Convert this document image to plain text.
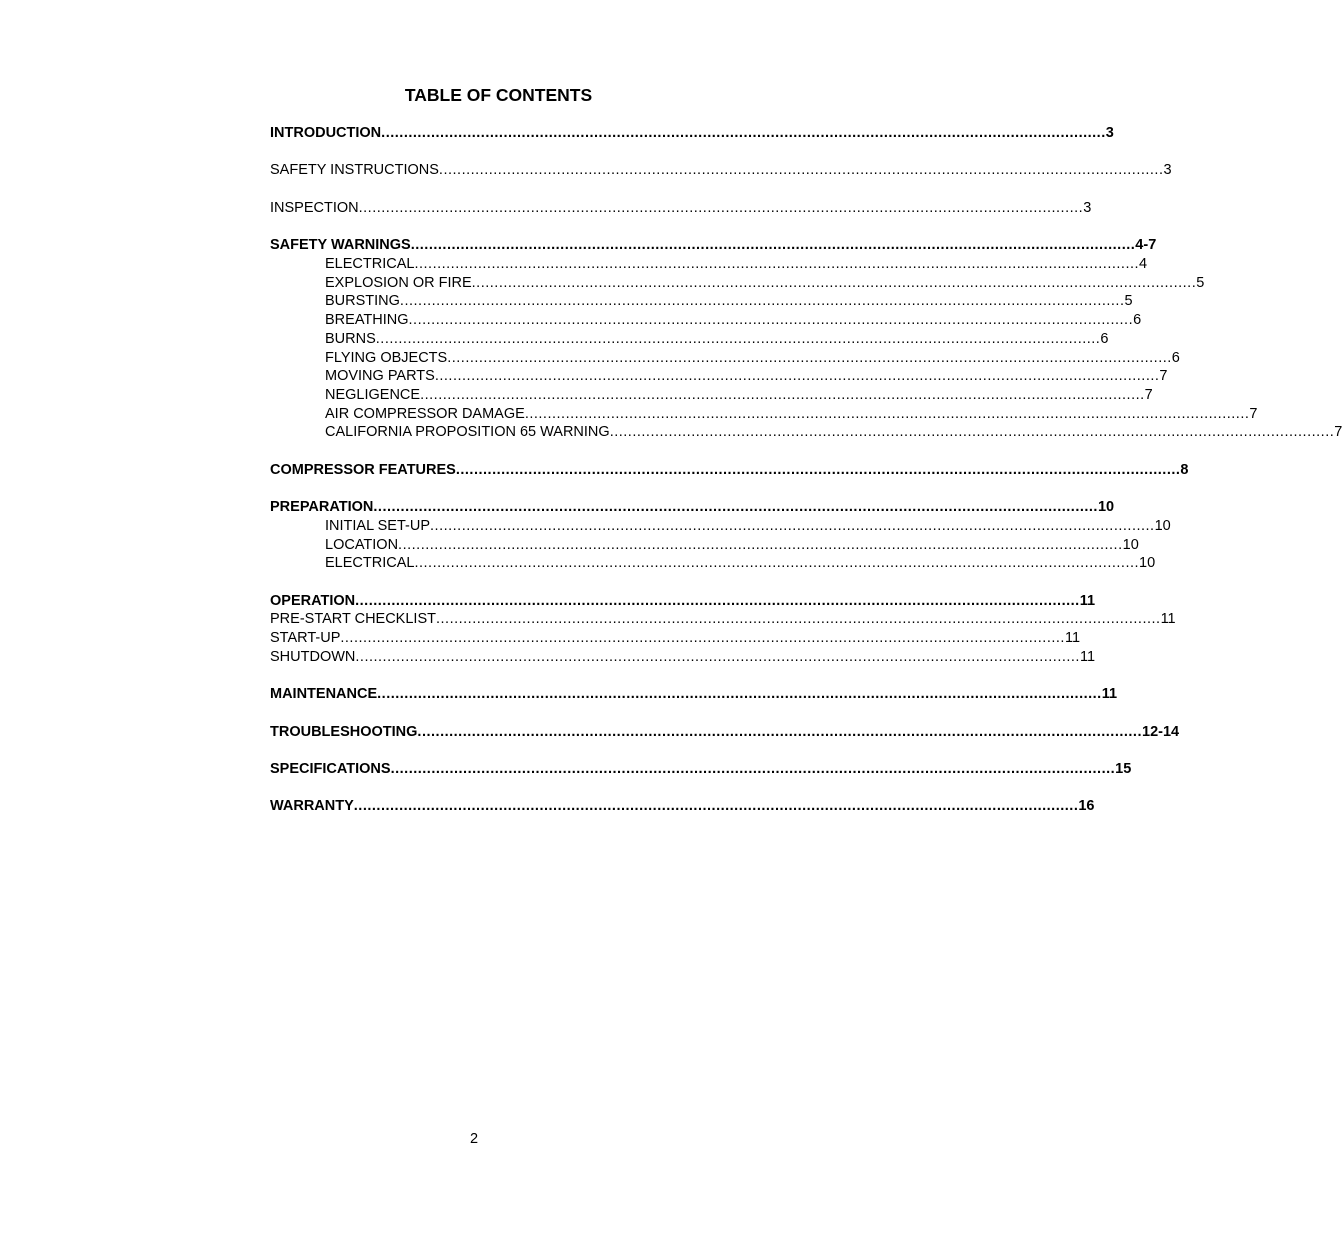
TABLE OF CONTENTS
INTRODUCTION ................................................................................................................................................................ 3
SAFETY INSTRUCTIONS ................................................................................................................................................................ 3
INSPECTION ................................................................................................................................................................ 3
SAFETY WARNINGS ................................................................................................................................................................ 4-7
ELECTRICAL ................................................................................................................................................................ 4
EXPLOSION OR FIRE ................................................................................................................................................................ 5
BURSTING ................................................................................................................................................................ 5
BREATHING ................................................................................................................................................................ 6
BURNS ................................................................................................................................................................ 6
FLYING OBJECTS ................................................................................................................................................................ 6
MOVING PARTS ................................................................................................................................................................ 7
NEGLIGENCE ................................................................................................................................................................ 7
AIR COMPRESSOR DAMAGE ................................................................................................................................................................ 7
CALIFORNIA PROPOSITION 65 WARNING ................................................................................................................................................................ 7
COMPRESSOR FEATURES ................................................................................................................................................................ 8
PREPARATION ................................................................................................................................................................ 10
INITIAL SET-UP ................................................................................................................................................................ 10
LOCATION ................................................................................................................................................................ 10
ELECTRICAL ................................................................................................................................................................ 10
OPERATION ................................................................................................................................................................ 11
PRE-START CHECKLIST ................................................................................................................................................................ 11
START-UP ................................................................................................................................................................ 11
SHUTDOWN ................................................................................................................................................................ 11
MAINTENANCE ................................................................................................................................................................ 11
TROUBLESHOOTING ................................................................................................................................................................ 12-14
SPECIFICATIONS ................................................................................................................................................................ 15
WARRANTY ................................................................................................................................................................ 16
2
